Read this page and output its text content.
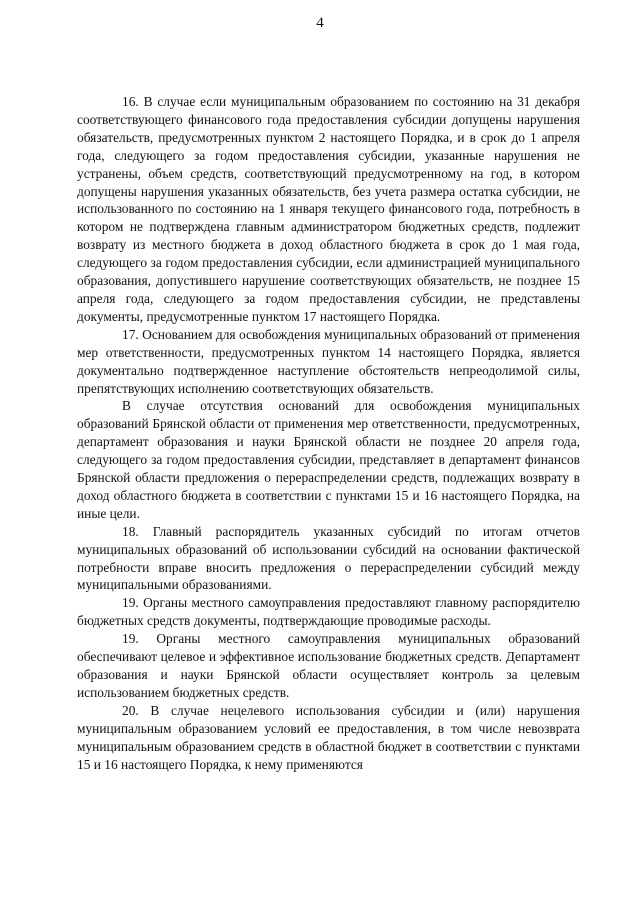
4

16. В случае если муниципальным образованием по состоянию на 31 декабря соответствующего финансового года предоставления субсидии допущены нарушения обязательств, предусмотренных пунктом 2 настоящего Порядка, и в срок до 1 апреля года, следующего за годом предоставления субсидии, указанные нарушения не устранены, объем средств, соответствующий предусмотренному на год, в котором допущены нарушения указанных обязательств, без учета размера остатка субсидии, не использованного по состоянию на 1 января текущего финансового года, потребность в котором не подтверждена главным администратором бюджетных средств, подлежит возврату из местного бюджета в доход областного бюджета в срок до 1 мая года, следующего за годом предоставления субсидии, если администрацией муниципального образования, допустившего нарушение соответствующих обязательств, не позднее 15 апреля года, следующего за годом предоставления субсидии, не представлены документы, предусмотренные пунктом 17 настоящего Порядка.

17. Основанием для освобождения муниципальных образований от применения мер ответственности, предусмотренных пунктом 14 настоящего Порядка, является документально подтвержденное наступление обстоятельств непреодолимой силы, препятствующих исполнению соответствующих обязательств.

В случае отсутствия оснований для освобождения муниципальных образований Брянской области от применения мер ответственности, предусмотренных, департамент образования и науки Брянской области не позднее 20 апреля года, следующего за годом предоставления субсидии, представляет в департамент финансов Брянской области предложения о перераспределении средств, подлежащих возврату в доход областного бюджета в соответствии с пунктами 15 и 16 настоящего Порядка, на иные цели.

18. Главный распорядитель указанных субсидий по итогам отчетов муниципальных образований об использовании субсидий на основании фактической потребности вправе вносить предложения о перераспределении субсидий между муниципальными образованиями.

19. Органы местного самоуправления предоставляют главному распорядителю бюджетных средств документы, подтверждающие проводимые расходы.

19. Органы местного самоуправления муниципальных образований обеспечивают целевое и эффективное использование бюджетных средств. Департамент образования и науки Брянской области осуществляет контроль за целевым использованием бюджетных средств.

20. В случае нецелевого использования субсидии и (или) нарушения муниципальным образованием условий ее предоставления, в том числе невозврата муниципальным образованием средств в областной бюджет в соответствии с пунктами 15 и 16 настоящего Порядка, к нему применяются
